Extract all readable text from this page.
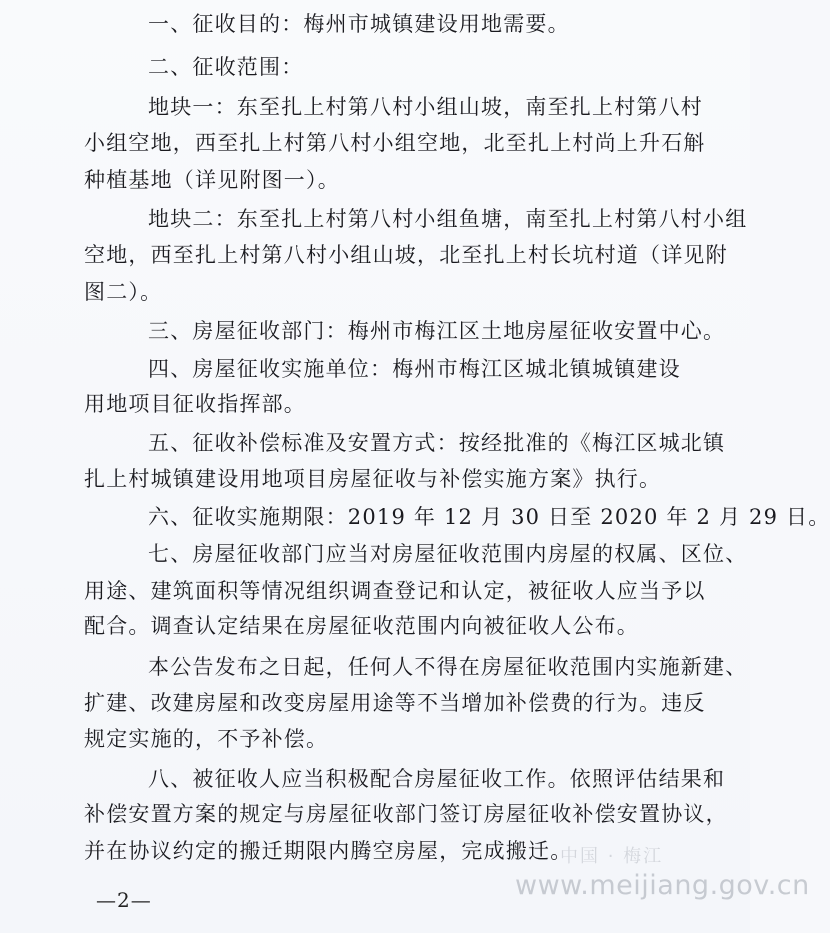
一、征收目的：梅州市城镇建设用地需要。
二、征收范围：
地块一：东至扎上村第八村小组山坡，南至扎上村第八村
小组空地，西至扎上村第八村小组空地，北至扎上村尚上升石斛
种植基地（详见附图一）。
地块二：东至扎上村第八村小组鱼塘，南至扎上村第八村小组
空地，西至扎上村第八村小组山坡，北至扎上村长坑村道（详见附
图二）。
三、房屋征收部门：梅州市梅江区土地房屋征收安置中心。
四、房屋征收实施单位：梅州市梅江区城北镇城镇建设
用地项目征收指挥部。
五、征收补偿标准及安置方式：按经批准的《梅江区城北镇
扎上村城镇建设用地项目房屋征收与补偿实施方案》执行。
六、征收实施期限：2019 年 12 月 30 日至 2020 年 2 月 29 日。
七、房屋征收部门应当对房屋征收范围内房屋的权属、区位、
用途、建筑面积等情况组织调查登记和认定，被征收人应当予以
配合。调查认定结果在房屋征收范围内向被征收人公布。
本公告发布之日起，任何人不得在房屋征收范围内实施新建、
扩建、改建房屋和改变房屋用途等不当增加补偿费的行为。违反
规定实施的，不予补偿。
八、被征收人应当积极配合房屋征收工作。依照评估结果和
补偿安置方案的规定与房屋征收部门签订房屋征收补偿安置协议，
并在协议约定的搬迁期限内腾空房屋，完成搬迁。
中国 · 梅江
www.meijiang.gov.cn
—2—
